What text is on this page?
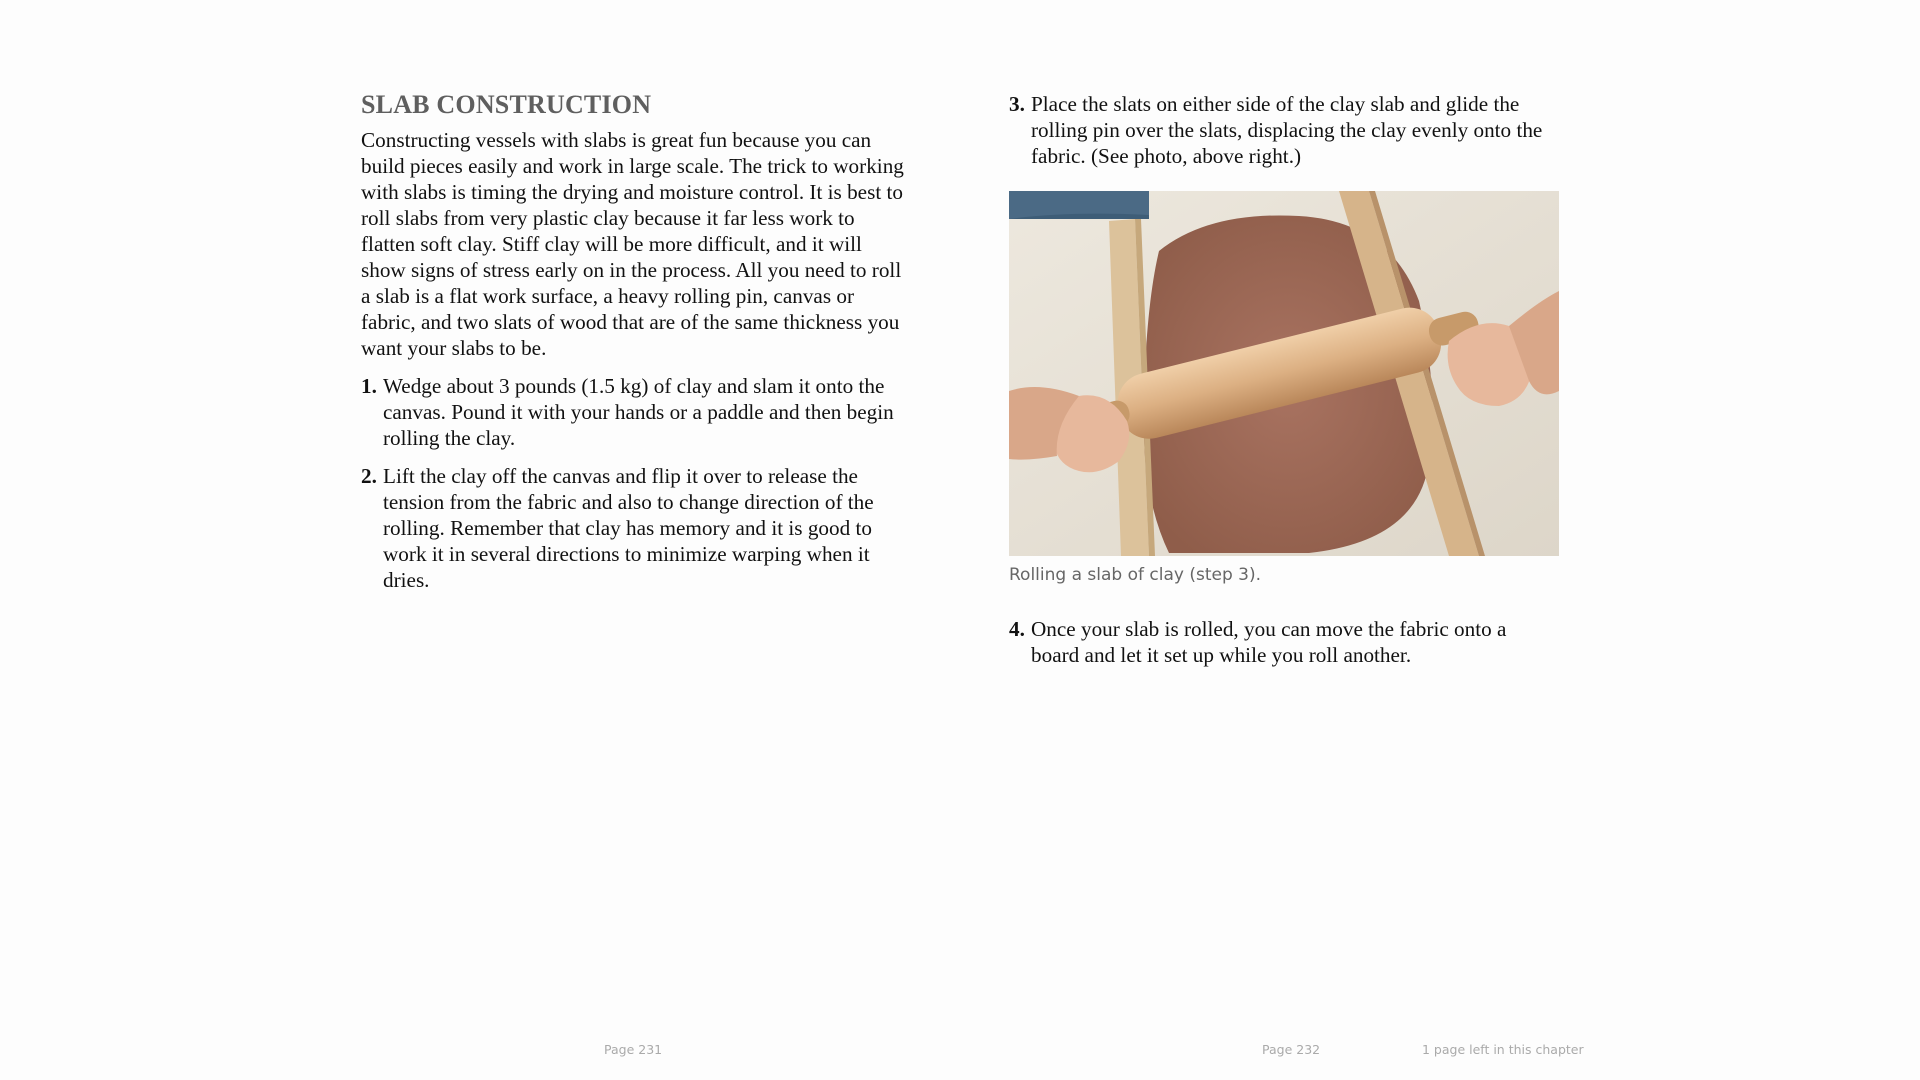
SLAB CONSTRUCTION

Constructing vessels with slabs is great fun because you can build pieces easily and work in large scale. The trick to working with slabs is timing the drying and moisture control. It is best to roll slabs from very plastic clay because it far less work to flatten soft clay. Stiff clay will be more difficult, and it will show signs of stress early on in the process. All you need to roll a slab is a flat work surface, a heavy rolling pin, canvas or fabric, and two slats of wood that are of the same thickness you want your slabs to be.

1. Wedge about 3 pounds (1.5 kg) of clay and slam it onto the canvas. Pound it with your hands or a paddle and then begin rolling the clay.
2. Lift the clay off the canvas and flip it over to release the tension from the fabric and also to change direction of the rolling. Remember that clay has memory and it is good to work it in several directions to minimize warping when it dries.
3. Place the slats on either side of the clay slab and glide the rolling pin over the slats, displacing the clay evenly onto the fabric. (See photo, above right.)
Rolling a slab of clay (step 3).
4. Once your slab is rolled, you can move the fabric onto a board and let it set up while you roll another.
Page 231	Page 232	1 page left in this chapter
